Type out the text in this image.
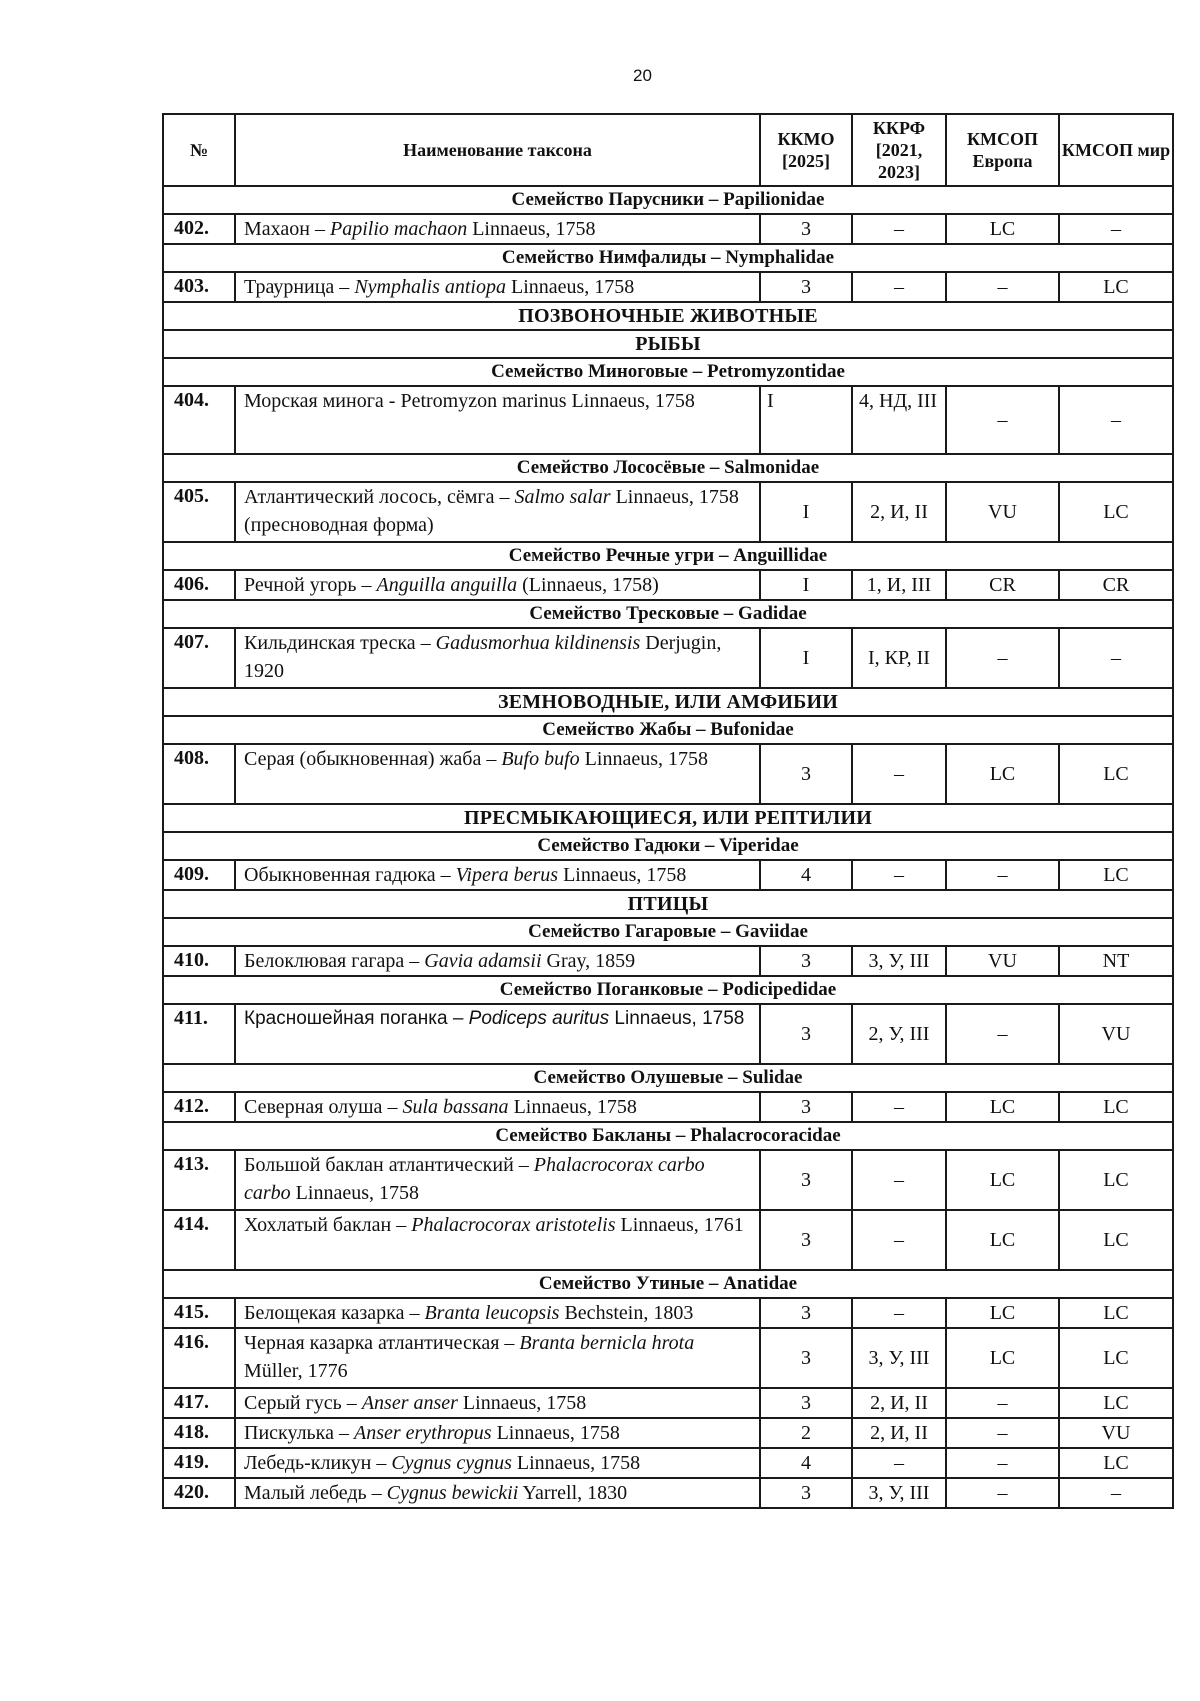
20
№	Наименование таксона	ККМО [2025]	ККРФ [2021, 2023]	КМСОП Европа	КМСОП мир
Семейство Парусники – Papilionidae					
402.	Махаон – Papilio machaon Linnaeus, 1758	3	–	LC	–
Семейство Нимфалиды – Nymphalidae					
403.	Траурница – Nymphalis antiopa Linnaeus, 1758	3	–	–	LC
ПОЗВОНОЧНЫЕ ЖИВОТНЫЕ					
РЫБЫ					
Семейство Миноговые – Petromyzontidae					
404.	Морская минога - Petromyzon marinus Linnaeus, 1758	I	4, НД, III	–	–
Семейство Лососёвые – Salmonidae					
405.	Атлантический лосось, сёмга – Salmo salar Linnaeus, 1758 (пресноводная форма)	I	2, И, II	VU	LC
Семейство Речные угри – Anguillidae					
406.	Речной угорь – Anguilla anguilla (Linnaeus, 1758)	I	1, И, III	CR	CR
Семейство Тресковые – Gadidae					
407.	Кильдинская треска – Gadusmorhua kildinensis Derjugin, 1920	I	I, КР, II	–	–
ЗЕМНОВОДНЫЕ, ИЛИ АМФИБИИ					
Семейство Жабы – Bufonidae					
408.	Серая (обыкновенная) жаба – Bufo bufo Linnaeus, 1758	3	–	LC	LC
ПРЕСМЫКАЮЩИЕСЯ, ИЛИ РЕПТИЛИИ					
Семейство Гадюки – Viperidae					
409.	Обыкновенная гадюка – Vipera berus Linnaeus, 1758	4	–	–	LC
ПТИЦЫ					
Семейство Гагаровые – Gaviidae					
410.	Белоклювая гагара – Gavia adamsii Gray, 1859	3	3, У, III	VU	NT
Семейство Поганковые – Podicipedidae					
411.	Красношейная поганка – Podiceps auritus Linnaeus, 1758	3	2, У, III	–	VU
Семейство Олушевые – Sulidae					
412.	Северная олуша – Sula bassana Linnaeus, 1758	3	–	LC	LC
Семейство Бакланы – Phalacrocoracidae					
413.	Большой баклан атлантический – Phalacrocorax carbo carbo Linnaeus, 1758	3	–	LC	LC
414.	Хохлатый баклан – Phalacrocorax aristotelis Linnaeus, 1761	3	–	LC	LC
Семейство Утиные – Anatidae					
415.	Белощекая казарка – Branta leucopsis Bechstein, 1803	3	–	LC	LC
416.	Черная казарка атлантическая – Branta bernicla hrota Müller, 1776	3	3, У, III	LC	LC
417.	Серый гусь – Anser anser Linnaeus, 1758	3	2, И, II	–	LC
418.	Пискулька – Anser erythropus Linnaeus, 1758	2	2, И, II	–	VU
419.	Лебедь-кликун – Cygnus cygnus Linnaeus, 1758	4	–	–	LC
420.	Малый лебедь – Cygnus bewickii Yarrell, 1830	3	3, У, III	–	–
